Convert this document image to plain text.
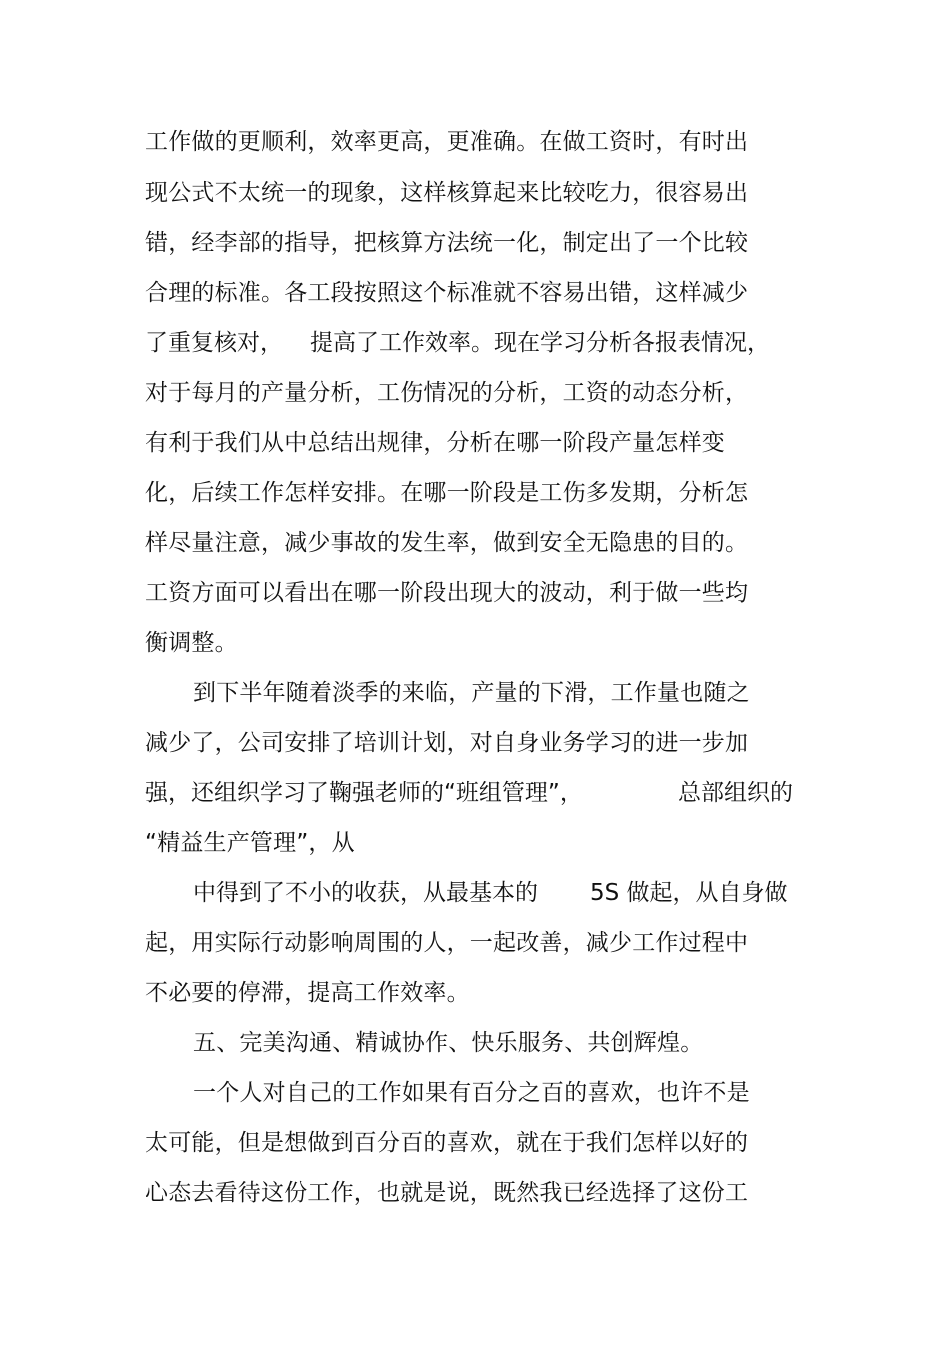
工作做的更顺利，效率更高，更准确。在做工资时，有时出
现公式不太统一的现象，这样核算起来比较吃力，很容易出
错，经李部的指导，把核算方法统一化，制定出了一个比较
合理的标准。各工段按照这个标准就不容易出错，这样减少
了重复核对， 提高了工作效率。现在学习分析各报表情况，
对于每月的产量分析，工伤情况的分析，工资的动态分析，
有利于我们从中总结出规律，分析在哪一阶段产量怎样变
化，后续工作怎样安排。在哪一阶段是工伤多发期，分析怎
样尽量注意，减少事故的发生率，做到安全无隐患的目的。
工资方面可以看出在哪一阶段出现大的波动，利于做一些均
衡调整。
到下半年随着淡季的来临，产量的下滑，工作量也随之
减少了，公司安排了培训计划，对自身业务学习的进一步加
强，还组织学习了鞠强老师的“班组管理”，	总部组织的
“精益生产管理”，从
中得到了不小的收获，从最基本的 5S 做起，从自身做
起，用实际行动影响周围的人，一起改善，减少工作过程中
不必要的停滞，提高工作效率。
五、完美沟通、精诚协作、快乐服务、共创辉煌。
一个人对自己的工作如果有百分之百的喜欢，也许不是
太可能，但是想做到百分百的喜欢，就在于我们怎样以好的
心态去看待这份工作，也就是说，既然我已经选择了这份工
